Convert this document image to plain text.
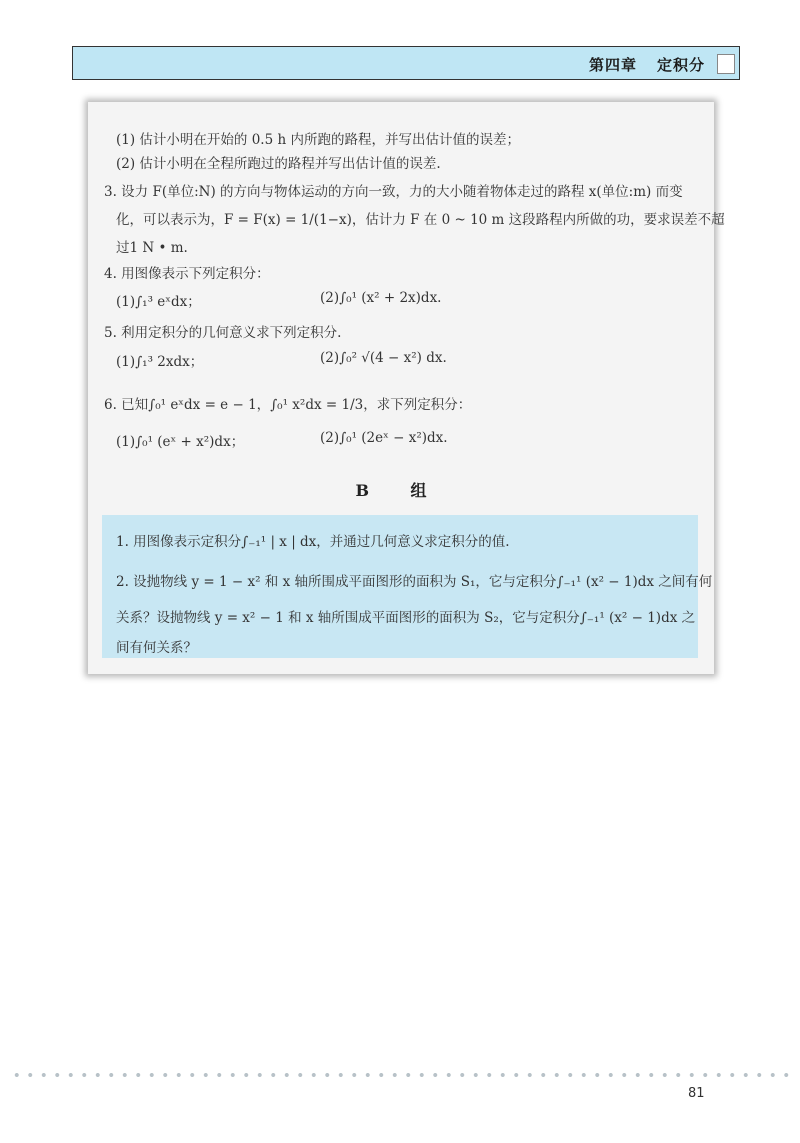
第四章 定积分
(1) 估计小明在开始的 0.5 h 内所跑的路程，并写出估计值的误差；
(2) 估计小明在全程所跑过的路程并写出估计值的误差.
3. 设力 F(单位:N) 的方向与物体运动的方向一致，力的大小随着物体走过的路程 x(单位:m) 而变
化，可以表示为，F = F(x) = 1/(1−x)，估计力 F 在 0 ~ 10 m 这段路程内所做的功，要求误差不超
过1 N • m.
4. 用图像表示下列定积分：
(1)∫₁³ eˣdx；	(2)∫₀¹ (x² + 2x)dx.
5. 利用定积分的几何意义求下列定积分.
(1)∫₁³ 2xdx；	(2)∫₀² √(4 − x²) dx.
6. 已知∫₀¹ eˣdx = e − 1，∫₀¹ x²dx = 1/3，求下列定积分：
(1)∫₀¹ (eˣ + x²)dx；	(2)∫₀¹ (2eˣ − x²)dx.
B 组
1. 用图像表示定积分∫₋₁¹ | x | dx，并通过几何意义求定积分的值.
2. 设抛物线 y = 1 − x² 和 x 轴所围成平面图形的面积为 S₁，它与定积分∫₋₁¹ (x² − 1)dx 之间有何
关系？设抛物线 y = x² − 1 和 x 轴所围成平面图形的面积为 S₂，它与定积分∫₋₁¹ (x² − 1)dx 之
间有何关系？
81
